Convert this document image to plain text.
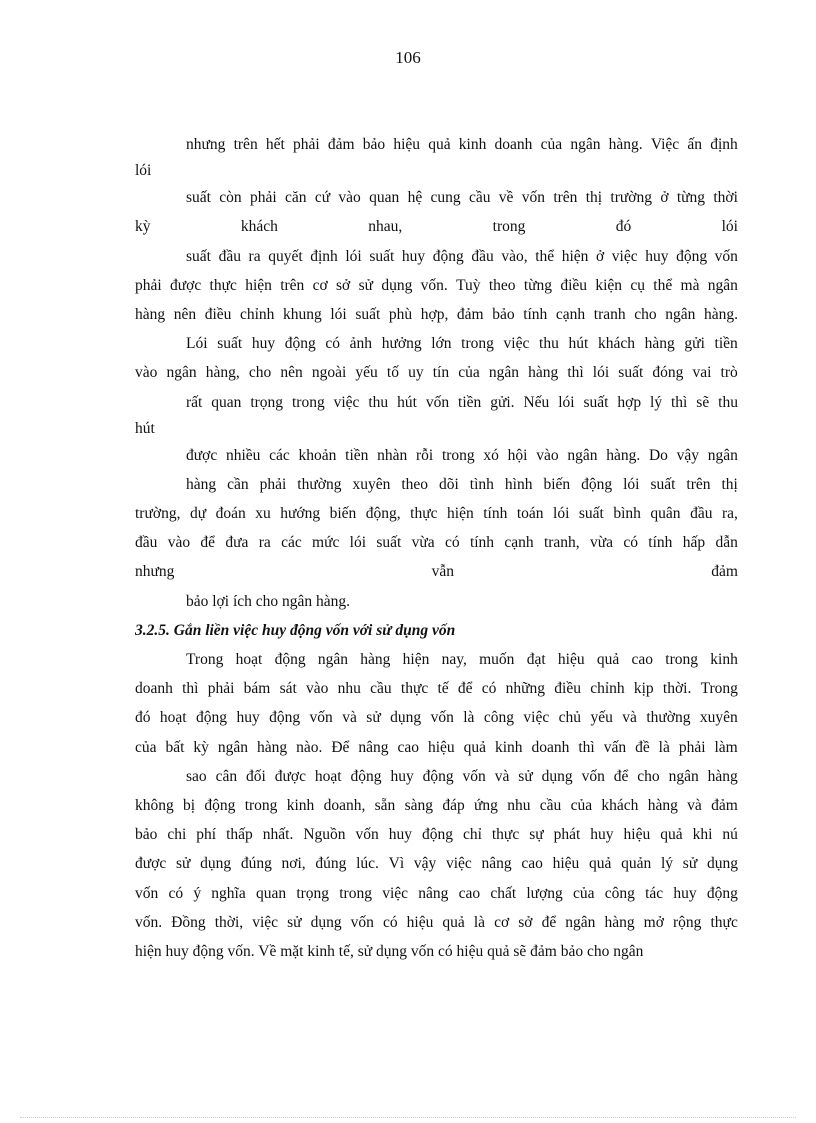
106
nhưng trên hết phải đảm bảo hiệu quả kinh doanh của ngân hàng. Việc ấn định
lói
suất còn phải căn cứ vào quan hệ cung cầu về vốn trên thị trường ở từng thời
kỳ	khách	nhau,	trong	đó	lói
suất đầu ra quyết định lói suất huy động đầu vào, thể hiện ở việc huy động vốn
phải được thực hiện trên cơ sở sử dụng vốn. Tuỳ theo từng điều kiện cụ thể mà ngân
hàng nên điều chỉnh khung lói suất phù hợp, đảm bảo tính cạnh tranh cho ngân hàng.
Lói suất huy động có ảnh hưởng lớn trong việc thu hút khách hàng gửi tiền
vào ngân hàng, cho nên ngoài yếu tố uy tín của ngân hàng thì lói suất đóng vai trò
rất quan trọng trong việc thu hút vốn tiền gửi. Nếu lói suất hợp lý thì sẽ thu
hút
được nhiều các khoản tiền nhàn rỗi trong xó hội vào ngân hàng. Do vậy ngân
hàng cần phải thường xuyên theo dõi tình hình biến động lói suất trên thị
trường, dự đoán xu hướng biến động, thực hiện tính toán lói suất bình quân đầu ra,
đầu vào để đưa ra các mức lói suất vừa có tính cạnh tranh, vừa có tính hấp dẫn
nhưng	vẫn	đảm
bảo lợi ích cho ngân hàng.
3.2.5. Gắn liền việc huy động vốn với sử dụng vốn
Trong hoạt động ngân hàng hiện nay, muốn đạt hiệu quả cao trong kinh
doanh thì phải bám sát vào nhu cầu thực tế để có những điều chỉnh kịp thời. Trong
đó hoạt động huy động vốn và sử dụng vốn là công việc chủ yếu và thường xuyên
của bất kỳ ngân hàng nào. Để nâng cao hiệu quả kinh doanh thì vấn đề là phải làm
sao cân đối được hoạt động huy động vốn và sử dụng vốn để cho ngân hàng
không bị động trong kinh doanh, sẵn sàng đáp ứng nhu cầu của khách hàng và đảm
bảo chi phí thấp nhất. Nguồn vốn huy động chỉ thực sự phát huy hiệu quả khi nú
được sử dụng đúng nơi, đúng lúc. Vì vậy việc nâng cao hiệu quả quản lý sử dụng
vốn có ý nghĩa quan trọng trong việc nâng cao chất lượng của công tác huy động
vốn. Đồng thời, việc sử dụng vốn có hiệu quả là cơ sở để ngân hàng mở rộng thực
hiện huy động vốn. Về mặt kinh tế, sử dụng vốn có hiệu quả sẽ đảm bảo cho ngân
